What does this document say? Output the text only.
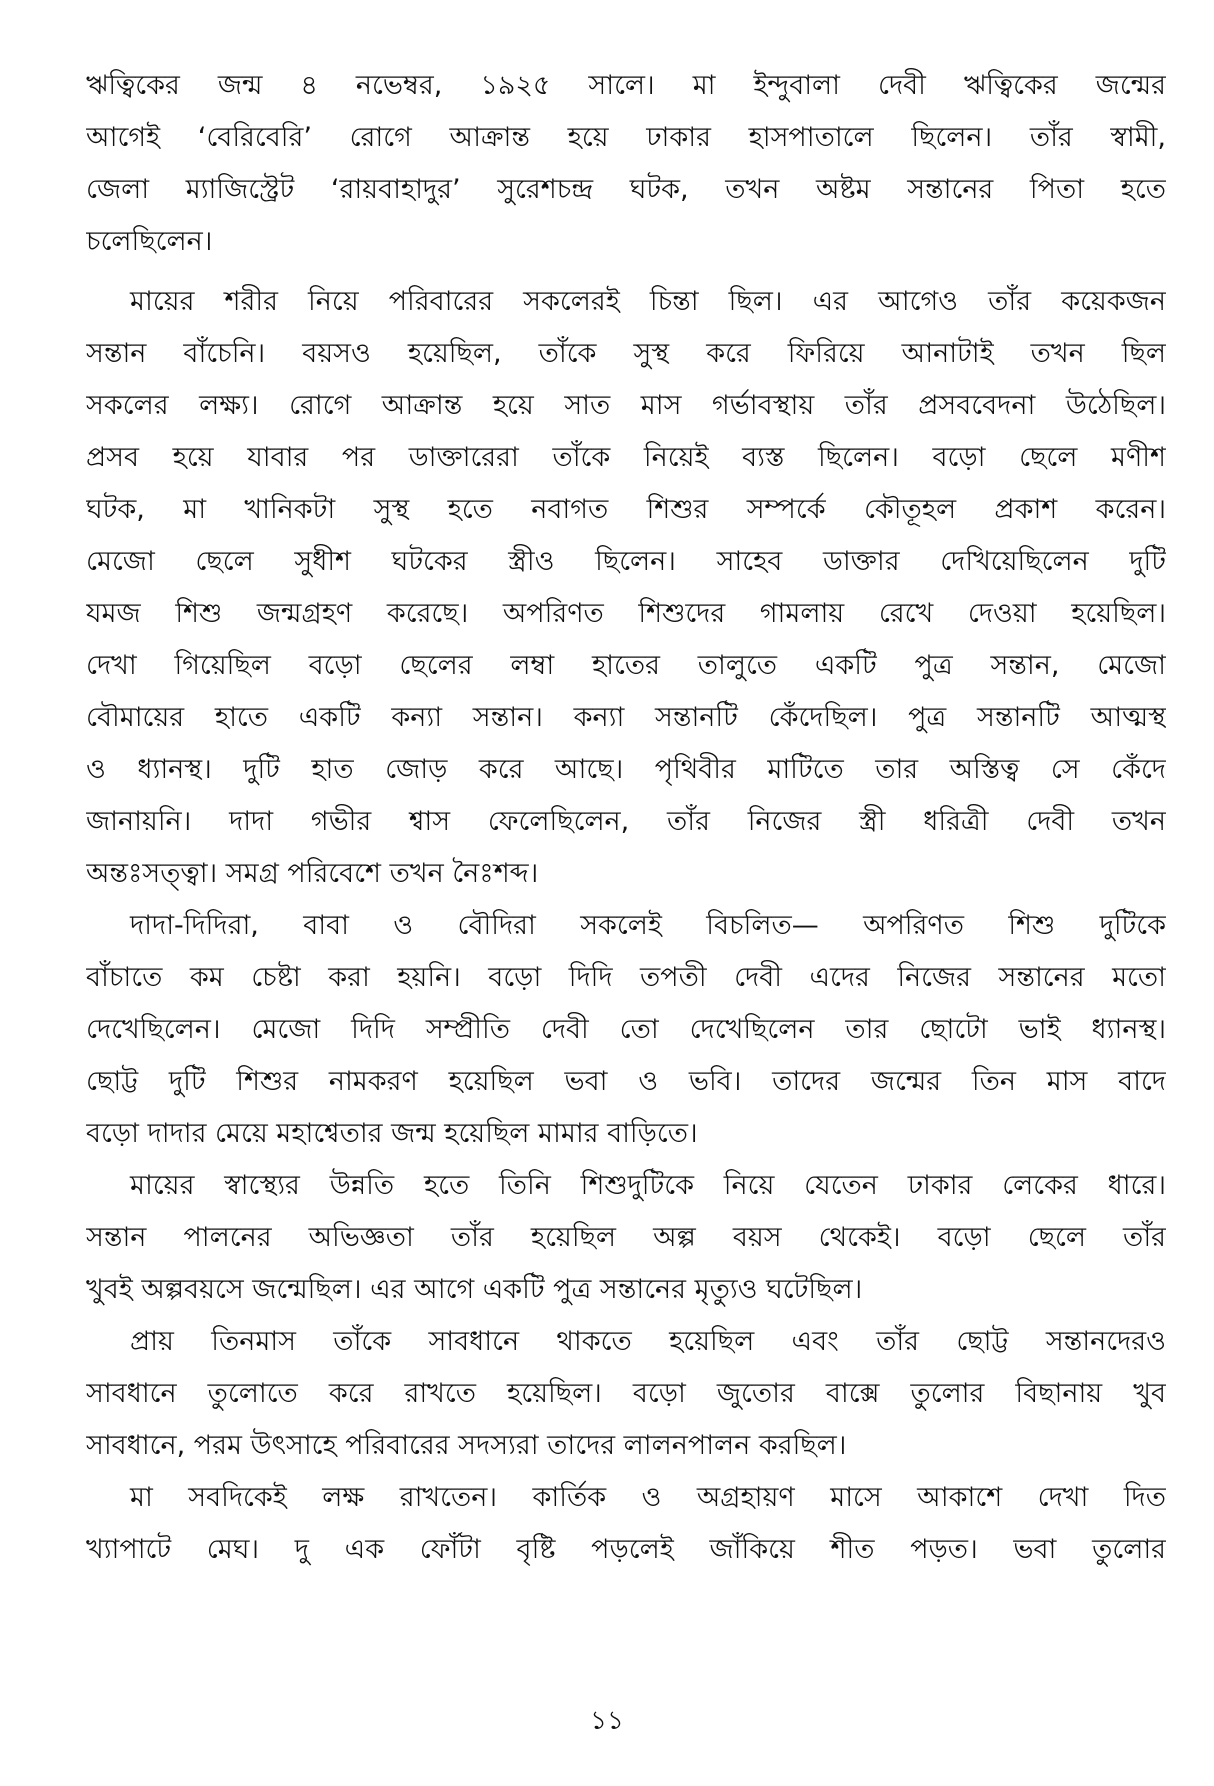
ঋত্বিকের জন্ম ৪ নভেম্বর, ১৯২৫ সালে। মা ইন্দুবালা দেবী ঋত্বিকের জন্মের
আগেই ‘বেরিবেরি’ রোগে আক্রান্ত হয়ে ঢাকার হাসপাতালে ছিলেন। তাঁর স্বামী,
জেলা ম্যাজিস্ট্রেট ‘রায়বাহাদুর’ সুরেশচন্দ্র ঘটক, তখন অষ্টম সন্তানের পিতা হতে
চলেছিলেন।
মায়ের শরীর নিয়ে পরিবারের সকলেরই চিন্তা ছিল। এর আগেও তাঁর কয়েকজন
সন্তান বাঁচেনি। বয়সও হয়েছিল, তাঁকে সুস্থ করে ফিরিয়ে আনাটাই তখন ছিল
সকলের লক্ষ্য। রোগে আক্রান্ত হয়ে সাত মাস গর্ভাবস্থায় তাঁর প্রসববেদনা উঠেছিল।
প্রসব হয়ে যাবার পর ডাক্তারেরা তাঁকে নিয়েই ব্যস্ত ছিলেন। বড়ো ছেলে মণীশ
ঘটক, মা খানিকটা সুস্থ হতে নবাগত শিশুর সম্পর্কে কৌতূহল প্রকাশ করেন।
মেজো ছেলে সুধীশ ঘটকের স্ত্রীও ছিলেন। সাহেব ডাক্তার দেখিয়েছিলেন দুটি
যমজ শিশু জন্মগ্রহণ করেছে। অপরিণত শিশুদের গামলায় রেখে দেওয়া হয়েছিল।
দেখা গিয়েছিল বড়ো ছেলের লম্বা হাতের তালুতে একটি পুত্র সন্তান, মেজো
বৌমায়ের হাতে একটি কন্যা সন্তান। কন্যা সন্তানটি কেঁদেছিল। পুত্র সন্তানটি আত্মস্থ
ও ধ্যানস্থ। দুটি হাত জোড় করে আছে। পৃথিবীর মাটিতে তার অস্তিত্ব সে কেঁদে
জানায়নি। দাদা গভীর শ্বাস ফেলেছিলেন, তাঁর নিজের স্ত্রী ধরিত্রী দেবী তখন
অন্তঃসত্ত্বা। সমগ্র পরিবেশে তখন নৈঃশব্দ।
দাদা-দিদিরা, বাবা ও বৌদিরা সকলেই বিচলিত— অপরিণত শিশু দুটিকে
বাঁচাতে কম চেষ্টা করা হয়নি। বড়ো দিদি তপতী দেবী এদের নিজের সন্তানের মতো
দেখেছিলেন। মেজো দিদি সম্প্রীতি দেবী তো দেখেছিলেন তার ছোটো ভাই ধ্যানস্থ।
ছোট্ট দুটি শিশুর নামকরণ হয়েছিল ভবা ও ভবি। তাদের জন্মের তিন মাস বাদে
বড়ো দাদার মেয়ে মহাশ্বেতার জন্ম হয়েছিল মামার বাড়িতে।
মায়ের স্বাস্থ্যের উন্নতি হতে তিনি শিশুদুটিকে নিয়ে যেতেন ঢাকার লেকের ধারে।
সন্তান পালনের অভিজ্ঞতা তাঁর হয়েছিল অল্প বয়স থেকেই। বড়ো ছেলে তাঁর
খুবই অল্পবয়সে জন্মেছিল। এর আগে একটি পুত্র সন্তানের মৃত্যুও ঘটেছিল।
প্রায় তিনমাস তাঁকে সাবধানে থাকতে হয়েছিল এবং তাঁর ছোট্ট সন্তানদেরও
সাবধানে তুলোতে করে রাখতে হয়েছিল। বড়ো জুতোর বাক্সে তুলোর বিছানায় খুব
সাবধানে, পরম উৎসাহে পরিবারের সদস্যরা তাদের লালনপালন করছিল।
মা সবদিকেই লক্ষ রাখতেন। কার্তিক ও অগ্রহায়ণ মাসে আকাশে দেখা দিত
খ্যাপাটে মেঘ। দু এক ফোঁটা বৃষ্টি পড়লেই জাঁকিয়ে শীত পড়ত। ভবা তুলোর
১১
